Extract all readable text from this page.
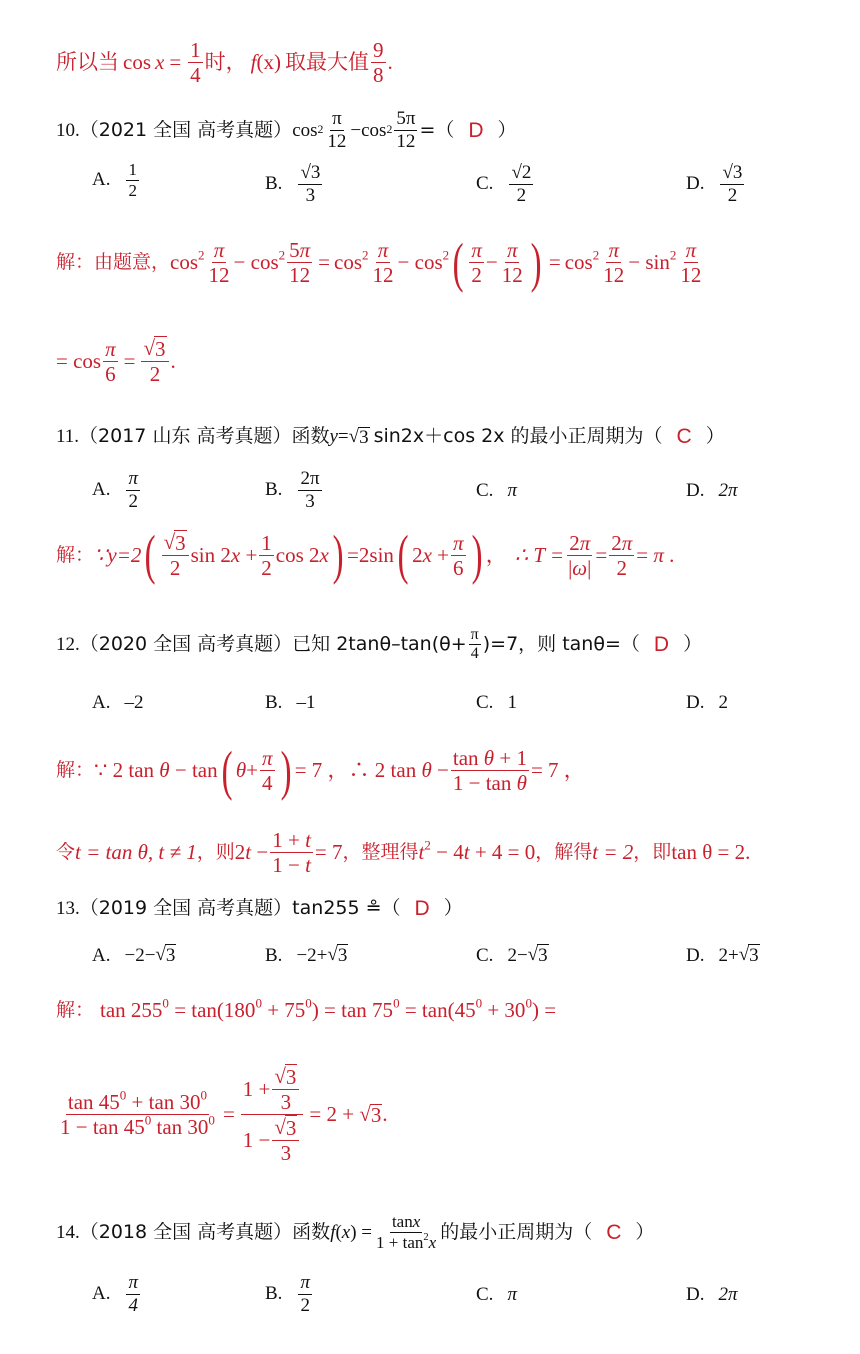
所以当 $\cos x = \frac{1}{4}$ 时， f (x) 取最大值 $\frac{9}{8}$ .
10. （2021 全国 高考真题） $\cos 2 \frac{\pi}{12} -\cos$ $2 \frac{5\pi}{12}$ =（ D ）
A. $\frac{1}{2}$	B. $\frac{√3}{3}$	C. $\frac{√2}{2}$	D. $\frac{√3}{2}$
解：由题意， $\cos^2 \frac{\pi}{12} - \cos^2 \frac{5\pi}{12} = \cos^2 \frac{\pi}{12} - \cos^2$ ( $\frac{\pi}{2} - \frac{\pi}{12}$ ) = $\cos^2 \frac{\pi}{12} - \sin^2 \frac{\pi}{12}$
= $\cos \frac{\pi}{6} = \frac{√ 3}{2}$ .
11. （2017 山东 高考真题）函数 y = √ 3 sin2x＋cos 2x 的最小正周期为（ C ）
A. $\frac{\pi}{2}$	B. $\frac{2\pi}{3}$	C. π	D. 2π
解： ∵y=2 ( $\frac{√ 3}{2}$ $\sin 2x + \frac{1}{2}$ cos 2x ) =2sin ( $2x + \frac{\pi}{6}$ ) ， ∴ $T = \frac{2\pi}{|\omega|} = \frac{2\pi}{2} = \pi$ .
12. （2020 全国 高考真题）已知 $2\tan\theta-\tan(\theta+ \frac{\pi}{4} )=7$，则 tanθ=（ D ）
A. –2	B. –1	C. 1	D. 2
解： ∵ 2 tan θ − tan ( $\theta + \frac{\pi}{4}$ ) = 7 ，∴ 2 $\tan \theta - \frac{\text{tan θ + 1}}{\text{1 − tan θ}} = 7$ ，
令 t = tan θ, t ≠ 1 ，则 $2t - \frac{1 + t}{1 - t} = 7$ ，整理得 $t^2 - 4t + 4 = 0$ ，解得 t = 2 ，即 tan θ = 2.
13. （2019 全国 高考真题）tan255 ≗（ D ）
A. −2− √ 3	B. −2+ √ 3	C. 2− √ 3	D. 2+ √ 3
解： $\tan 255^0 = \tan(180^0 + 75^0) = \tan 75^0 = \tan(45^0 + 30^0)$ =
$\frac{\tan 45^0 + \tan 30^0}{1 - \tan 45^0 \tan 30^0} = \frac{1 + \frac{√ 3}{3}}{1 - \frac{√ 3}{3}} = 2$ + √ 3 .
14. （2018 全国 高考真题）函数 f $(x) = \frac{\tan x}{1 + \tan^2x}$ 的最小正周期为（ C ）
A. $\frac{\pi}{4}$	B. $\frac{\pi}{2}$	C. π	D. 2π
